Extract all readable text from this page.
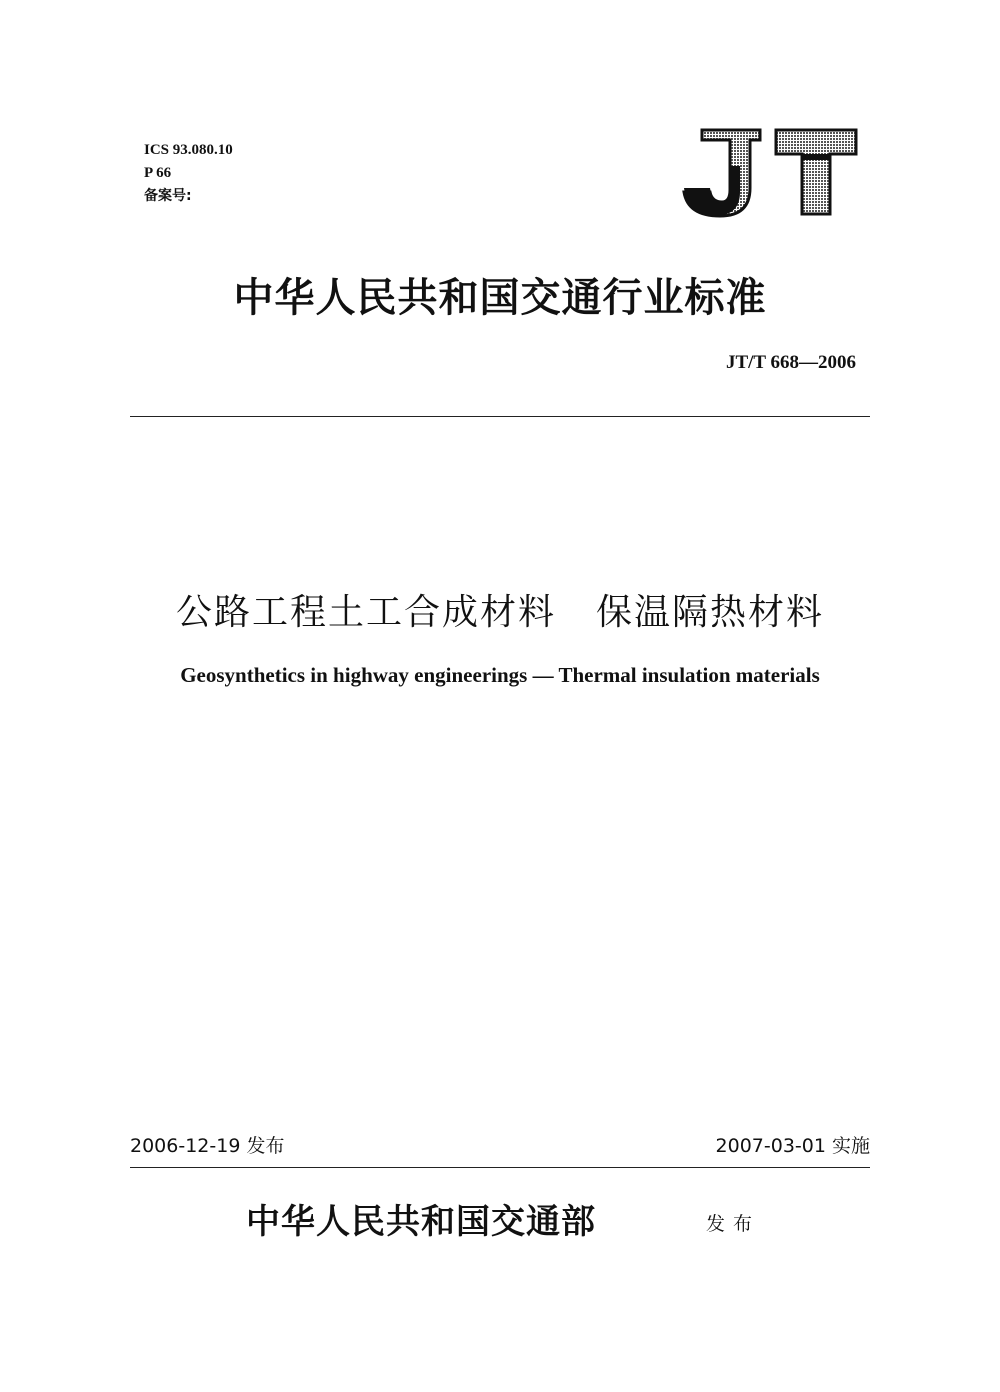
ICS 93.080.10
P 66
备案号:
中华人民共和国交通行业标准
JT/T 668—2006
公路工程土工合成材料 保温隔热材料
Geosynthetics in highway engineerings — Thermal insulation materials
2006-12-19 发布	2007-03-01 实施
中华人民共和国交通部	发布
